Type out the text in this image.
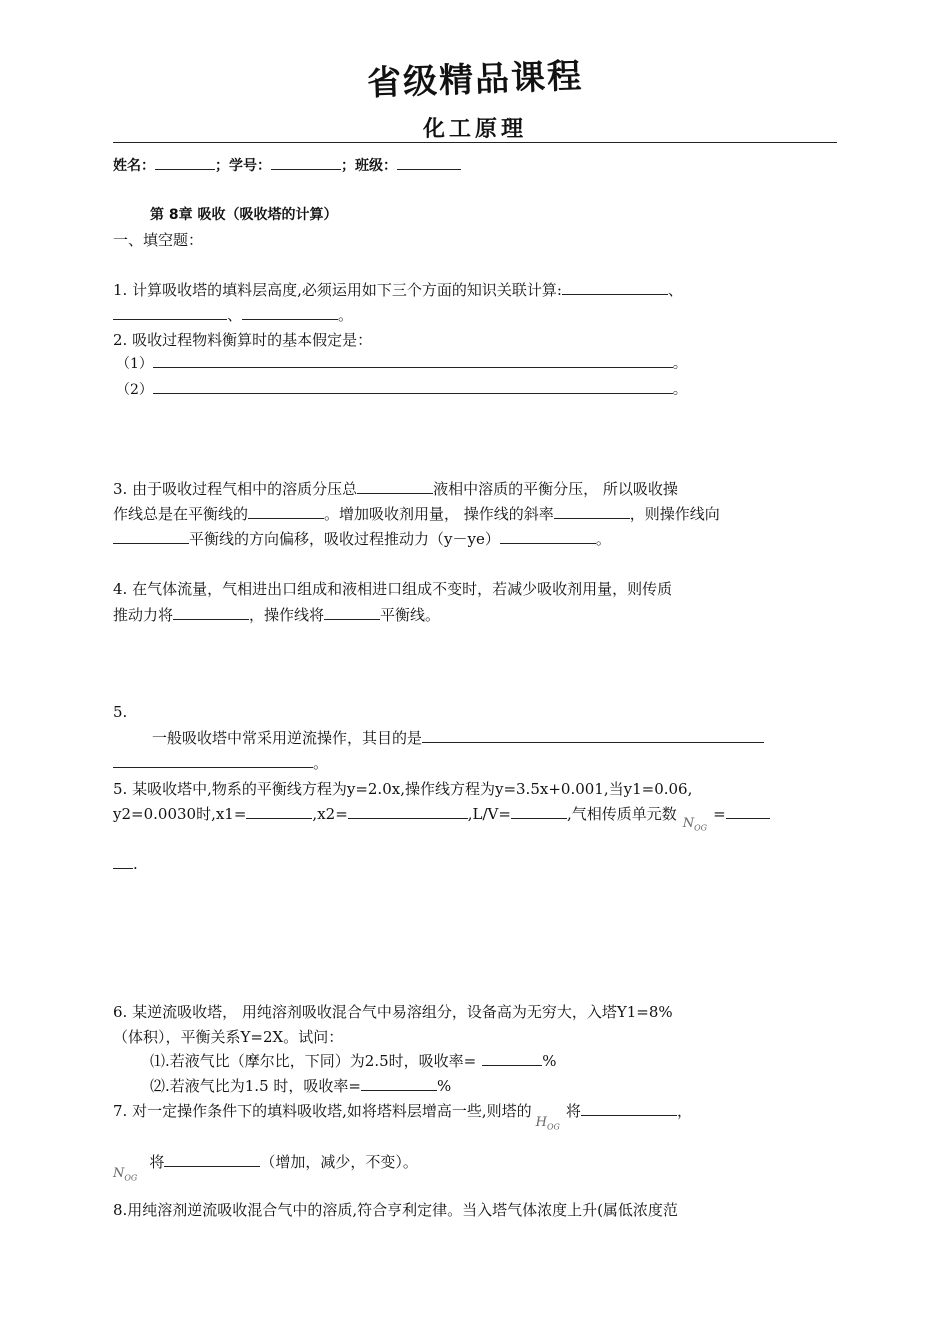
省级精品课程
化工原理
姓名：	；学号：	；班级：
第 8章 吸收（吸收塔的计算）
一、填空题：
1. 计算吸收塔的填料层高度,必须运用如下三个方面的知识关联计算:	、
、	。
2. 吸收过程物料衡算时的基本假定是：
（1）	。
（2）	。
3. 由于吸收过程气相中的溶质分压总	液相中溶质的平衡分压， 所以吸收操
作线总是在平衡线的	。增加吸收剂用量， 操作线的斜率	，则操作线向
平衡线的方向偏移，吸收过程推动力（y－ye）	。
4. 在气体流量，气相进出口组成和液相进口组成不变时，若减少吸收剂用量，则传质
推动力将	，操作线将	平衡线。
5.
一般吸收塔中常采用逆流操作，其目的是
。
5. 某吸收塔中,物系的平衡线方程为y=2.0x,操作线方程为y=3.5x+0.001,当y1=0.06,
y2=0.0030时,x1=	,x2=	,L/V=	,气相传质单元数$N_{OG}=$
.
6. 某逆流吸收塔， 用纯溶剂吸收混合气中易溶组分，设备高为无穷大，入塔Y1=8%
（体积），平衡关系Y=2X。试问：
⑴.若液气比（摩尔比，下同）为2.5时，吸收率=	%
⑵.若液气比为1.5 时，吸收率=	%
7. 对一定操作条件下的填料吸收塔,如将塔料层增高一些,则塔的$H_{OG}$将	，
$N_{OG}$将	（增加，减少，不变）。
8.用纯溶剂逆流吸收混合气中的溶质,符合亨利定律。当入塔气体浓度上升(属低浓度范
